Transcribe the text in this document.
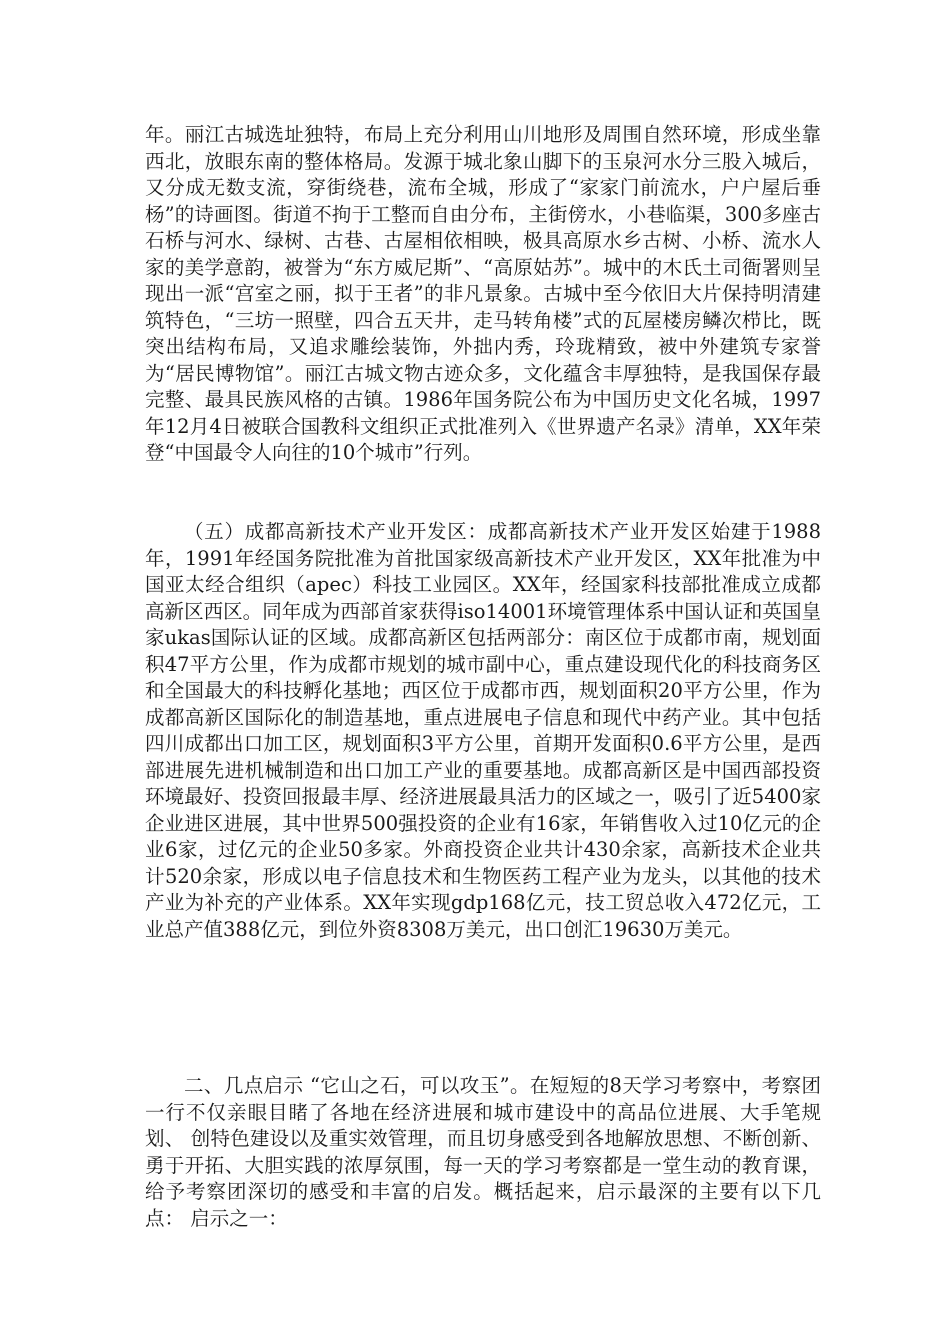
年。丽江古城选址独特，布局上充分利用山川地形及周围自然环境，形成坐靠西北，放眼东南的整体格局。发源于城北象山脚下的玉泉河水分三股入城后，又分成无数支流，穿街绕巷，流布全城，形成了“家家门前流水，户户屋后垂杨”的诗画图。街道不拘于工整而自由分布，主街傍水，小巷临渠，300多座古石桥与河水、绿树、古巷、古屋相依相映，极具高原水乡古树、小桥、流水人家的美学意韵，被誉为“东方威尼斯”、“高原姑苏”。城中的木氏土司衙署则呈现出一派“宫室之丽，拟于王者”的非凡景象。古城中至今依旧大片保持明清建筑特色，“三坊一照壁，四合五天井，走马转角楼”式的瓦屋楼房鳞次栉比，既突出结构布局，又追求雕绘装饰，外拙内秀，玲珑精致，被中外建筑专家誉为“居民博物馆”。丽江古城文物古迹众多，文化蕴含丰厚独特，是我国保存最完整、最具民族风格的古镇。1986年国务院公布为中国历史文化名城，1997年12月4日被联合国教科文组织正式批准列入《世界遗产名录》清单，XX年荣登“中国最令人向往的10个城市”行列。

（五）成都高新技术产业开发区：成都高新技术产业开发区始建于1988年，1991年经国务院批准为首批国家级高新技术产业开发区，XX年批准为中国亚太经合组织（apec）科技工业园区。XX年，经国家科技部批准成立成都高新区西区。同年成为西部首家获得iso14001环境管理体系中国认证和英国皇家ukas国际认证的区域。成都高新区包括两部分：南区位于成都市南，规划面积47平方公里，作为成都市规划的城市副中心，重点建设现代化的科技商务区和全国最大的科技孵化基地；西区位于成都市西，规划面积20平方公里，作为成都高新区国际化的制造基地，重点进展电子信息和现代中药产业。其中包括四川成都出口加工区，规划面积3平方公里，首期开发面积0.6平方公里，是西部进展先进机械制造和出口加工产业的重要基地。成都高新区是中国西部投资环境最好、投资回报最丰厚、经济进展最具活力的区域之一，吸引了近5400家企业进区进展，其中世界500强投资的企业有16家，年销售收入过10亿元的企业6家，过亿元的企业50多家。外商投资企业共计430余家，高新技术企业共计520余家，形成以电子信息技术和生物医药工程产业为龙头，以其他的技术产业为补充的产业体系。XX年实现gdp168亿元，技工贸总收入472亿元，工业总产值388亿元，到位外资8308万美元，出口创汇19630万美元。

二、几点启示 “它山之石，可以攻玉”。在短短的8天学习考察中，考察团一行不仅亲眼目睹了各地在经济进展和城市建设中的高品位进展、大手笔规划、 创特色建设以及重实效管理，而且切身感受到各地解放思想、不断创新、勇于开拓、大胆实践的浓厚氛围，每一天的学习考察都是一堂生动的教育课，给予考察团深切的感受和丰富的启发。概括起来，启示最深的主要有以下几点： 启示之一：
